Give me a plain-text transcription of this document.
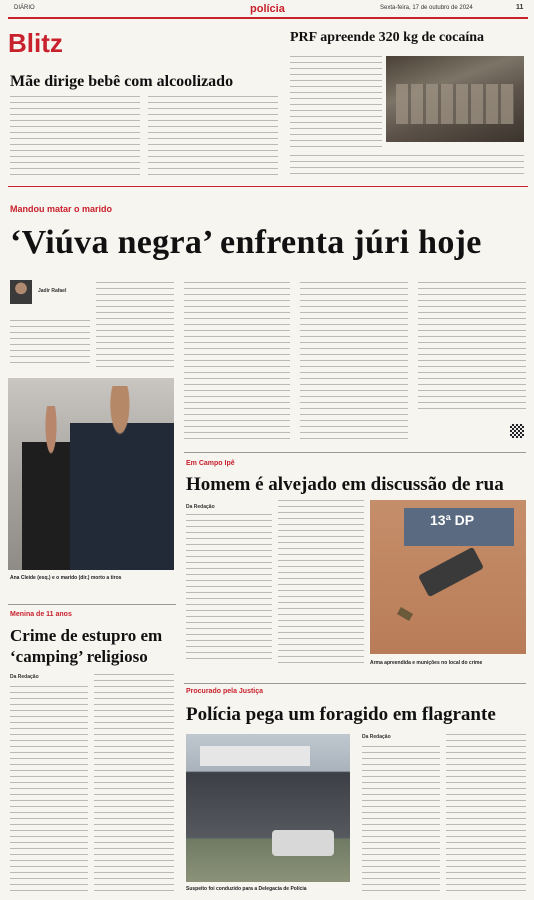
DIÁRIO	polícia	Sexta-feira, 17 de outubro de 2024	11
Blitz
Mãe dirige bebê com alcoolizado
PRF apreende 320 kg de cocaína
Mandou matar o marido
‘Viúva negra’ enfrenta júri hoje
Jadir Rafael
Ana Cleide (esq.) e o marido (dir.) morto a tiros
Em Campo Ipê
Homem é alvejado em discussão de rua
Da Redação
13ª DP
Arma apreendida e munições no local do crime
Menina de 11 anos
Crime de estupro em
‘camping’ religioso
Da Redação
Procurado pela Justiça
Polícia pega um foragido em flagrante
Suspeito foi conduzido para a Delegacia de Polícia
Da Redação
